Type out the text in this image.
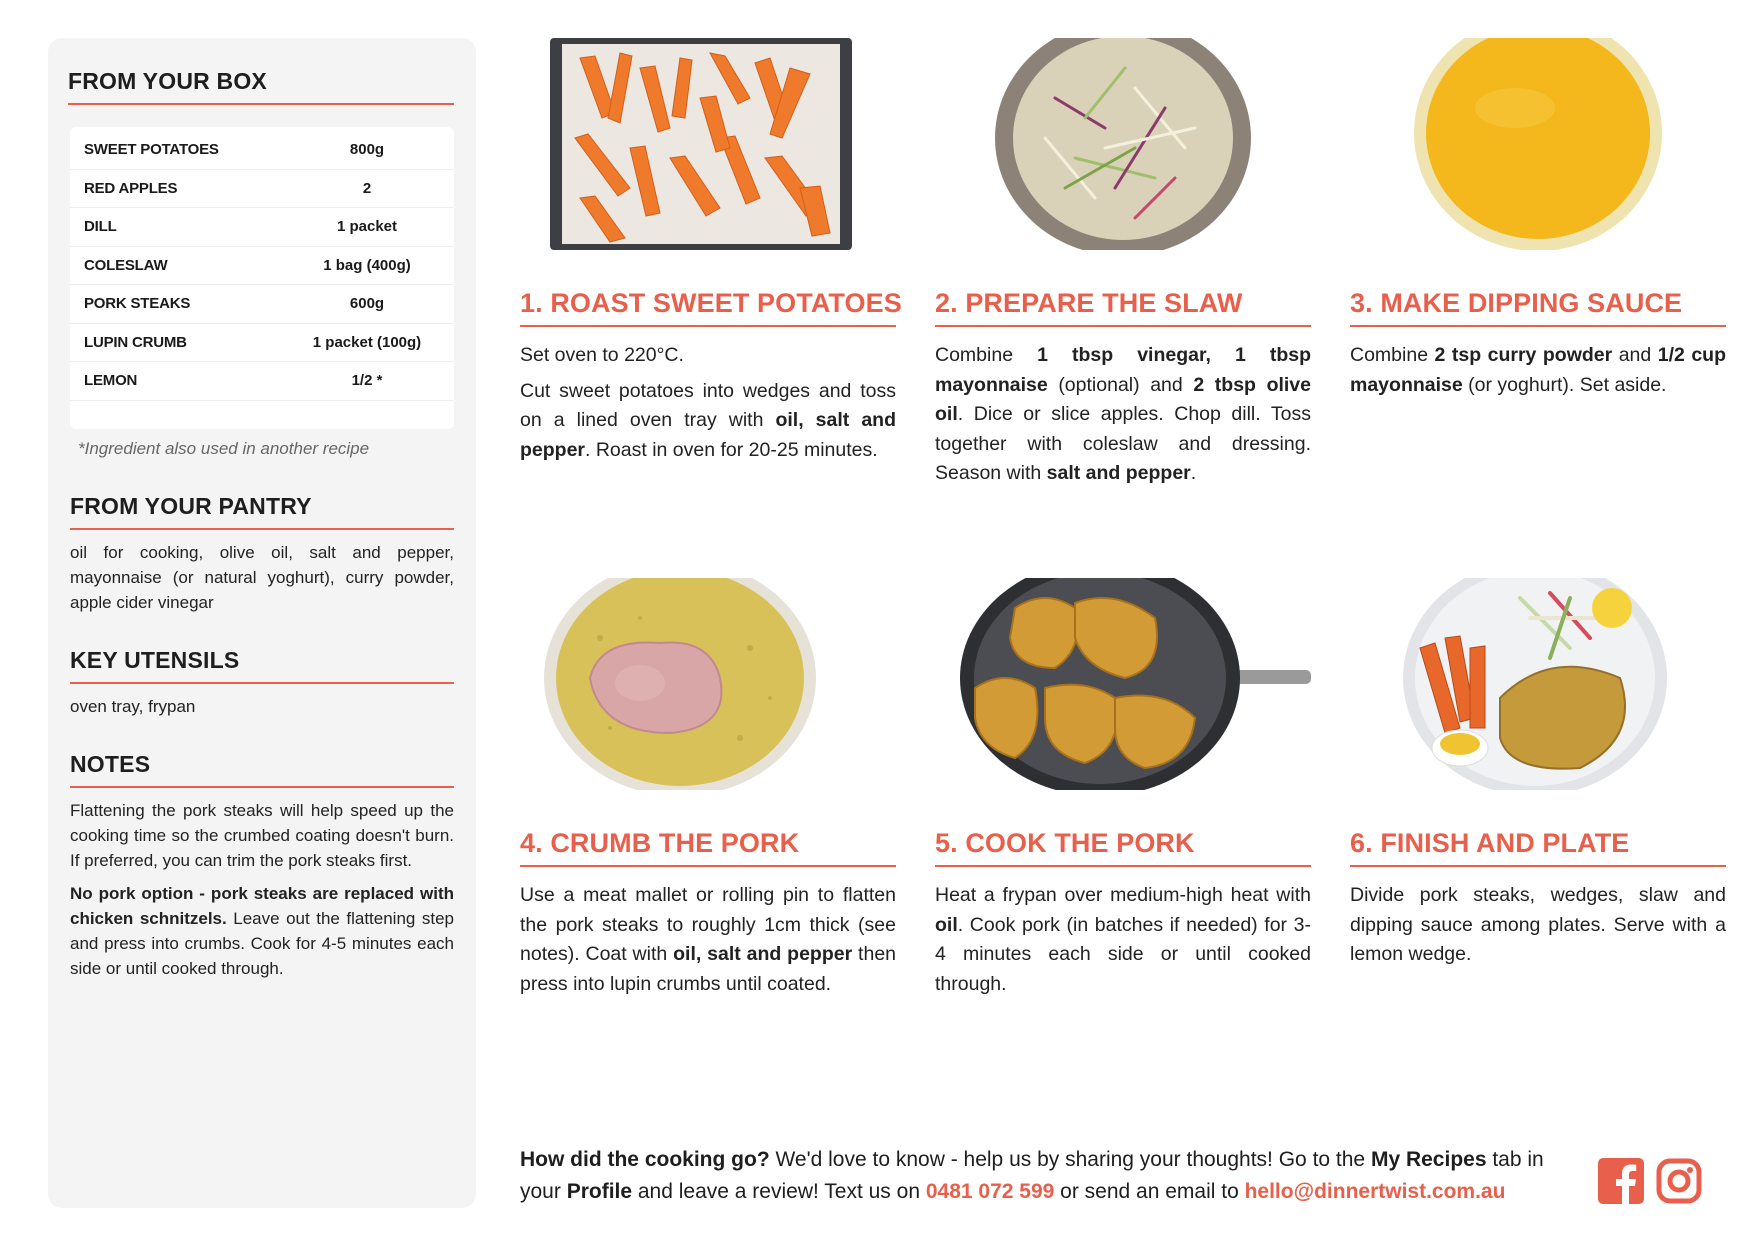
FROM YOUR BOX
SWEET POTATOES	800g
RED APPLES	2
DILL	1 packet
COLESLAW	1 bag (400g)
PORK STEAKS	600g
LUPIN CRUMB	1 packet (100g)
LEMON	1/2 *
*Ingredient also used in another recipe
FROM YOUR PANTRY
oil for cooking, olive oil, salt and pepper, mayonnaise (or natural yoghurt), curry powder, apple cider vinegar
KEY UTENSILS
oven tray, frypan
NOTES
Flattening the pork steaks will help speed up the cooking time so the crumbed coating doesn't burn. If preferred, you can trim the pork steaks first.
No pork option - pork steaks are replaced with chicken schnitzels. Leave out the flattening step and press into crumbs. Cook for 4-5 minutes each side or until cooked through.
1. ROAST SWEET POTATOES

Set oven to 220°C.

Cut sweet potatoes into wedges and toss on a lined oven tray with oil, salt and pepper. Roast in oven for 20-25 minutes.

2. PREPARE THE SLAW

Combine 1 tbsp vinegar, 1 tbsp mayonnaise (optional) and 2 tbsp olive oil. Dice or slice apples. Chop dill. Toss together with coleslaw and dressing. Season with salt and pepper.

3. MAKE DIPPING SAUCE

Combine 2 tsp curry powder and 1/2 cup mayonnaise (or yoghurt). Set aside.

4. CRUMB THE PORK

Use a meat mallet or rolling pin to flatten the pork steaks to roughly 1cm thick (see notes). Coat with oil, salt and pepper then press into lupin crumbs until coated.

5. COOK THE PORK

Heat a frypan over medium-high heat with oil. Cook pork (in batches if needed) for 3-4 minutes each side or until cooked through.

6. FINISH AND PLATE

Divide pork steaks, wedges, slaw and dipping sauce among plates. Serve with a lemon wedge.

How did the cooking go? We'd love to know - help us by sharing your thoughts! Go to the My Recipes tab in your Profile and leave a review! Text us on 0481 072 599 or send an email to hello@dinnertwist.com.au
